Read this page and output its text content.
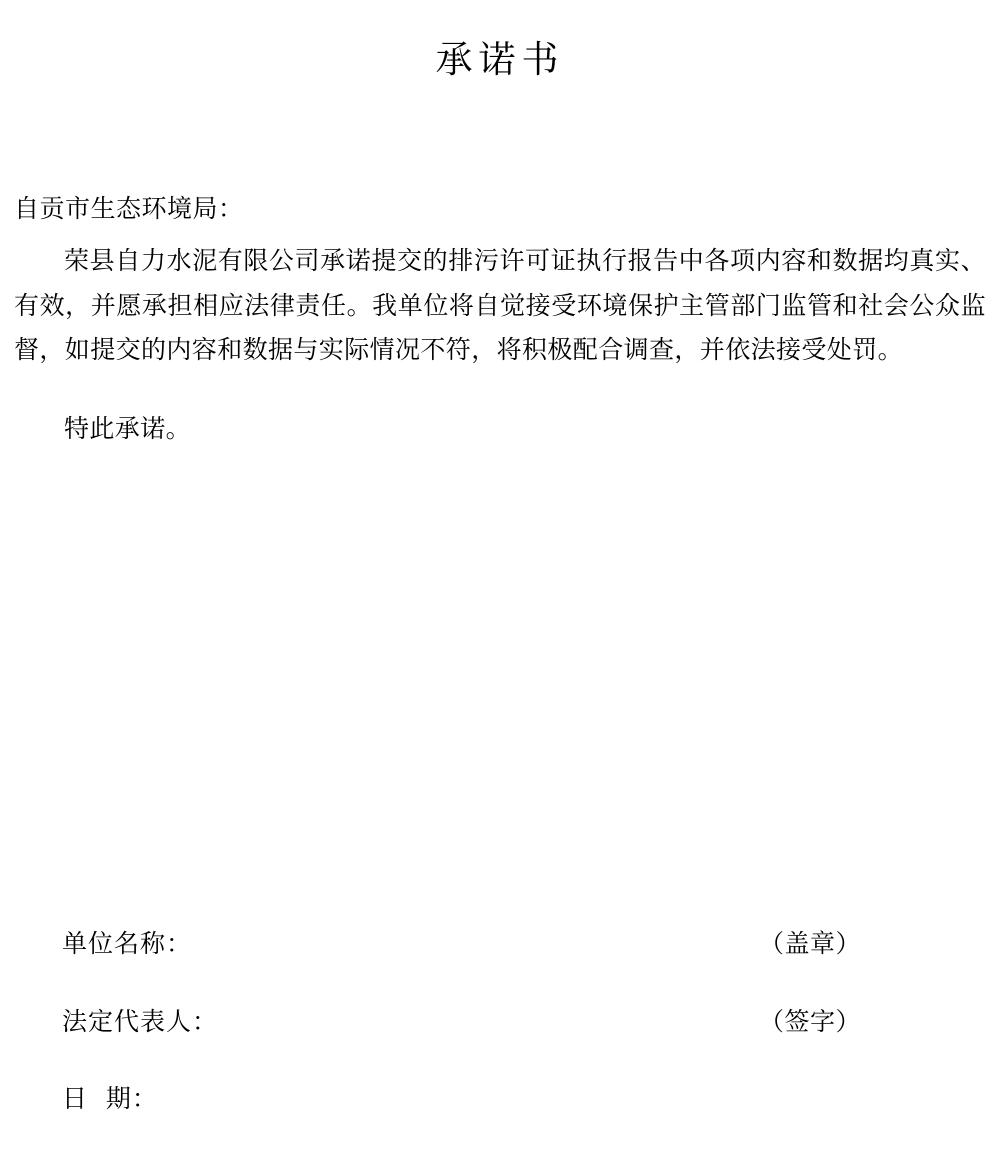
承诺书
自贡市生态环境局：

荣县自力水泥有限公司承诺提交的排污许可证执行报告中各项内容和数据均真实、有效，并愿承担相应法律责任。我单位将自觉接受环境保护主管部门监管和社会公众监督，如提交的内容和数据与实际情况不符，将积极配合调查，并依法接受处罚。

特此承诺。

单位名称：	（盖章）
法定代表人：	（签字）
日  期：
